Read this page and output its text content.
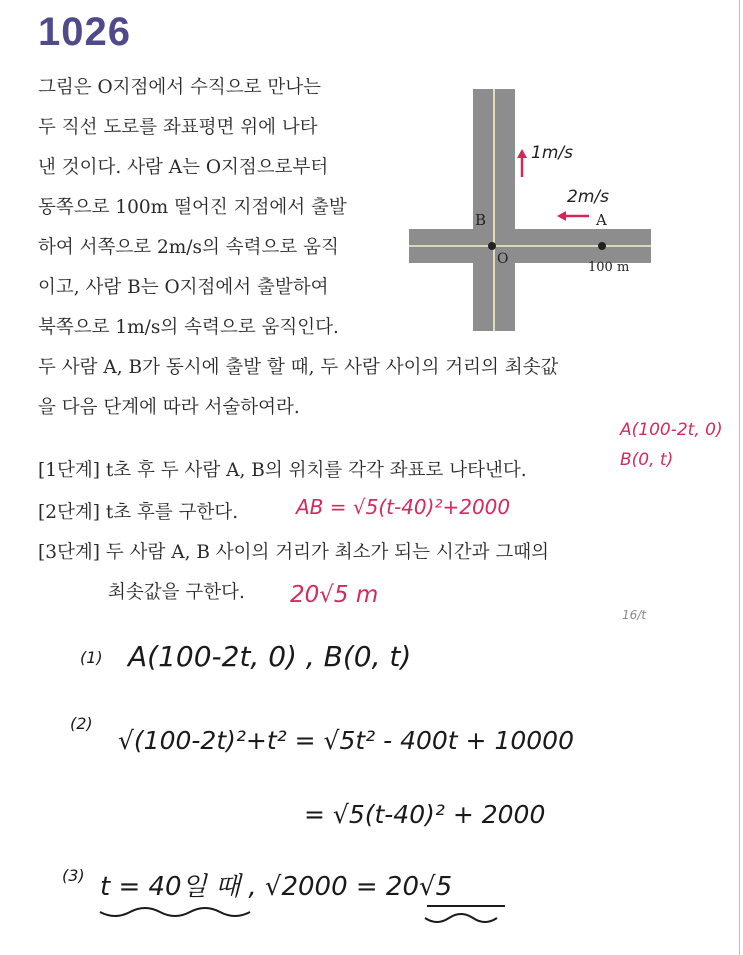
1026
그림은 O지점에서 수직으로 만나는
두 직선 도로를 좌표평면 위에 나타
낸 것이다. 사람 A는 O지점으로부터
동쪽으로 100m 떨어진 지점에서 출발
하여 서쪽으로 2m/s의 속력으로 움직
이고, 사람 B는 O지점에서 출발하여
북쪽으로 1m/s의 속력으로 움직인다.
두 사람 A, B가 동시에 출발 할 때, 두 사람 사이의 거리의 최솟값
을 다음 단계에 따라 서술하여라.
B	A
O
100 m
1m/s
2m/s
[1단계] t초 후 두 사람 A, B의 위치를 각각 좌표로 나타낸다.
[2단계] t초 후를 구한다.
[3단계] 두 사람 A, B 사이의 거리가 최소가 되는 시간과 그때의
최솟값을 구한다.
A(100-2t, 0)
B(0, t)
AB = √5(t-40)²+2000
20√5 m
16/t
(1) A(100-2t, 0) , B(0, t)
(2)
√(100-2t)²+t² = √5t² - 400t + 10000
= √5(t-40)² + 2000
(3) t = 40일 때 , √2000 = 20√5
